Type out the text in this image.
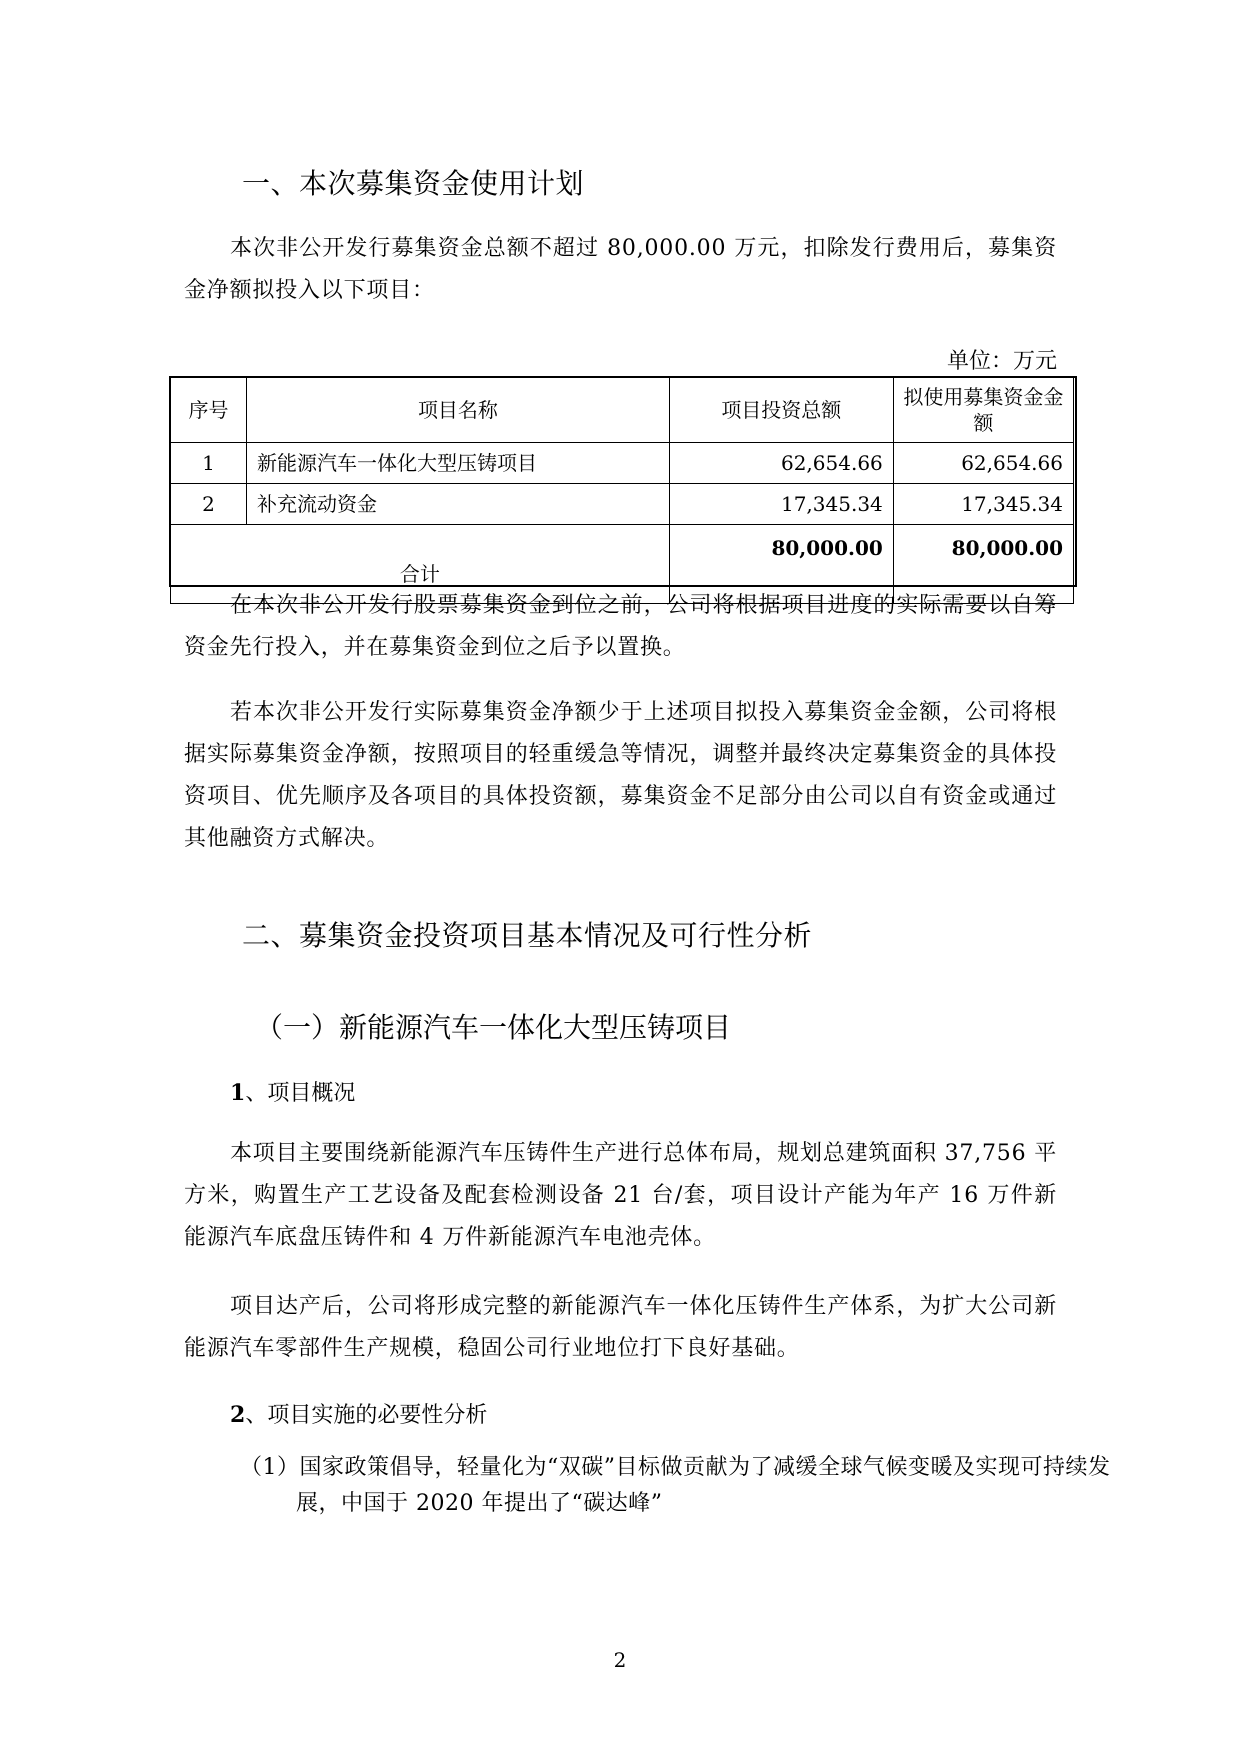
一、本次募集资金使用计划
本次非公开发行募集资金总额不超过 80,000.00 万元，扣除发行费用后，募集资金净额拟投入以下项目：
单位：万元
序号	项目名称	项目投资总额	拟使用募集资金金额
1	新能源汽车一体化大型压铸项目	62,654.66	62,654.66
2	补充流动资金	17,345.34	17,345.34
合计		80,000.00	80,000.00
在本次非公开发行股票募集资金到位之前，公司将根据项目进度的实际需要以自筹资金先行投入，并在募集资金到位之后予以置换。
若本次非公开发行实际募集资金净额少于上述项目拟投入募集资金金额，公司将根据实际募集资金净额，按照项目的轻重缓急等情况，调整并最终决定募集资金的具体投资项目、优先顺序及各项目的具体投资额，募集资金不足部分由公司以自有资金或通过其他融资方式解决。
二、募集资金投资项目基本情况及可行性分析
（一）新能源汽车一体化大型压铸项目
1、项目概况
本项目主要围绕新能源汽车压铸件生产进行总体布局，规划总建筑面积 37,756 平方米，购置生产工艺设备及配套检测设备 21 台/套，项目设计产能为年产 16 万件新能源汽车底盘压铸件和 4 万件新能源汽车电池壳体。
项目达产后，公司将形成完整的新能源汽车一体化压铸件生产体系，为扩大公司新能源汽车零部件生产规模，稳固公司行业地位打下良好基础。
2、项目实施的必要性分析
（1）国家政策倡导，轻量化为“双碳”目标做贡献为了减缓全球气候变暖及实现可持续发展，中国于 2020 年提出了“碳达峰”
2
